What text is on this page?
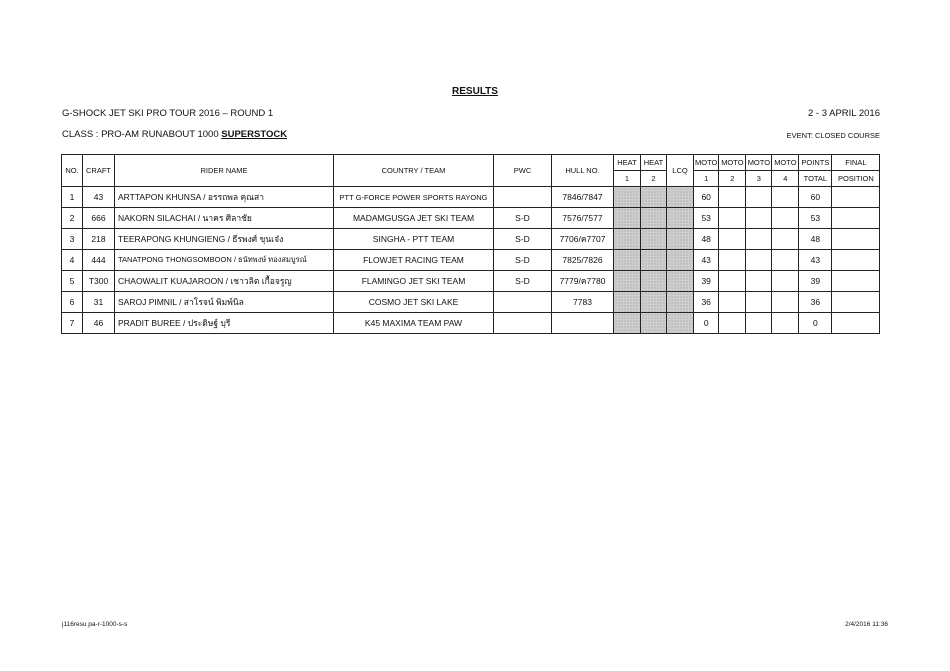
RESULTS
G-SHOCK JET SKI PRO TOUR 2016 – ROUND 1	2 - 3 APRIL 2016
CLASS : PRO-AM RUNABOUT 1000 SUPERSTOCK	EVENT: CLOSED COURSE
NO.	CRAFT	RIDER NAME	COUNTRY / TEAM	PWC	HULL NO.	HEAT	HEAT	LCQ	MOTO	MOTO	MOTO	MOTO	POINTS	FINAL
						1	2		1	2	3	4	TOTAL	POSITION
1	43	ARTTAPON KHUNSA / อรรถพล คุณสา	PTT G-FORCE POWER SPORTS RAYONG		7846/7847				60				60	
2	666	NAKORN SILACHAI / นาคร ศิลาชัย	MADAMGUSGA JET SKI TEAM	S-D	7576/7577				53				53	
3	218	TEERAPONG KHUNGIENG / ธีรพงศ์ ขุนเจ๋ง	SINGHA - PTT TEAM	S-D	7706/ค7707				48				48	
4	444	TANATPONG THONGSOMBOON / ธนัทพงษ์ ทองสมบูรณ์	FLOWJET RACING TEAM	S-D	7825/7826				43				43	
5	T300	CHAOWALIT KUAJAROON / เชาวลิต เกื้อจรูญ	FLAMINGO JET SKI TEAM	S-D	7779/ค7780				39				39	
6	31	SAROJ PIMNIL / สาโรจน์ พิมพ์นิล	COSMO JET SKI LAKE		7783				36				36	
7	46	PRADIT BUREE / ประดิษฐ์ บุรี	K45 MAXIMA TEAM PAW						0				0	
j116resu pa-r-1000-s-s	2/4/2016 11:36
